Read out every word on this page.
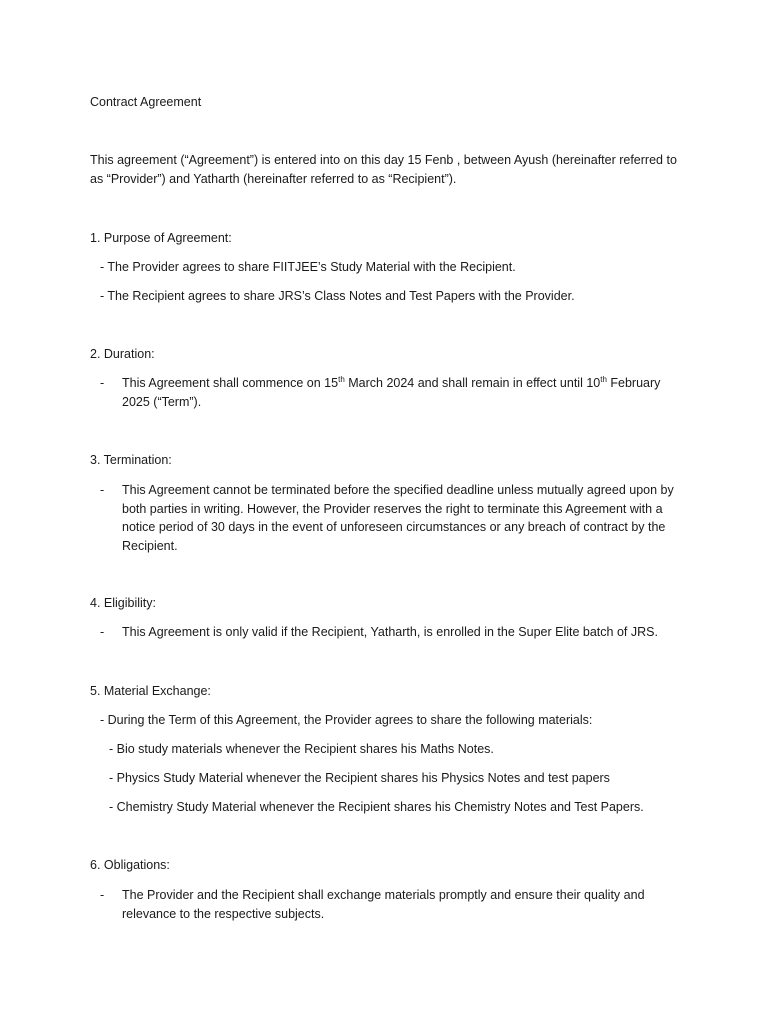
Contract Agreement
This agreement (“Agreement”) is entered into on this day 15 Fenb , between Ayush (hereinafter referred to as “Provider”) and Yatharth (hereinafter referred to as “Recipient”).
1. Purpose of Agreement:
- The Provider agrees to share FIITJEE’s Study Material with the Recipient.
- The Recipient agrees to share JRS’s Class Notes and Test Papers with the Provider.
2. Duration:
- This Agreement shall commence on 15th March 2024 and shall remain in effect until 10th February 2025 (“Term”).
3. Termination:
- This Agreement cannot be terminated before the specified deadline unless mutually agreed upon by both parties in writing. However, the Provider reserves the right to terminate this Agreement with a notice period of 30 days in the event of unforeseen circumstances or any breach of contract by the Recipient.
4. Eligibility:
- This Agreement is only valid if the Recipient, Yatharth, is enrolled in the Super Elite batch of JRS.
5. Material Exchange:
- During the Term of this Agreement, the Provider agrees to share the following materials:
- Bio study materials whenever the Recipient shares his Maths Notes.
- Physics Study Material whenever the Recipient shares his Physics Notes and test papers
- Chemistry Study Material whenever the Recipient shares his Chemistry Notes and Test Papers.
6. Obligations:
- The Provider and the Recipient shall exchange materials promptly and ensure their quality and relevance to the respective subjects.
